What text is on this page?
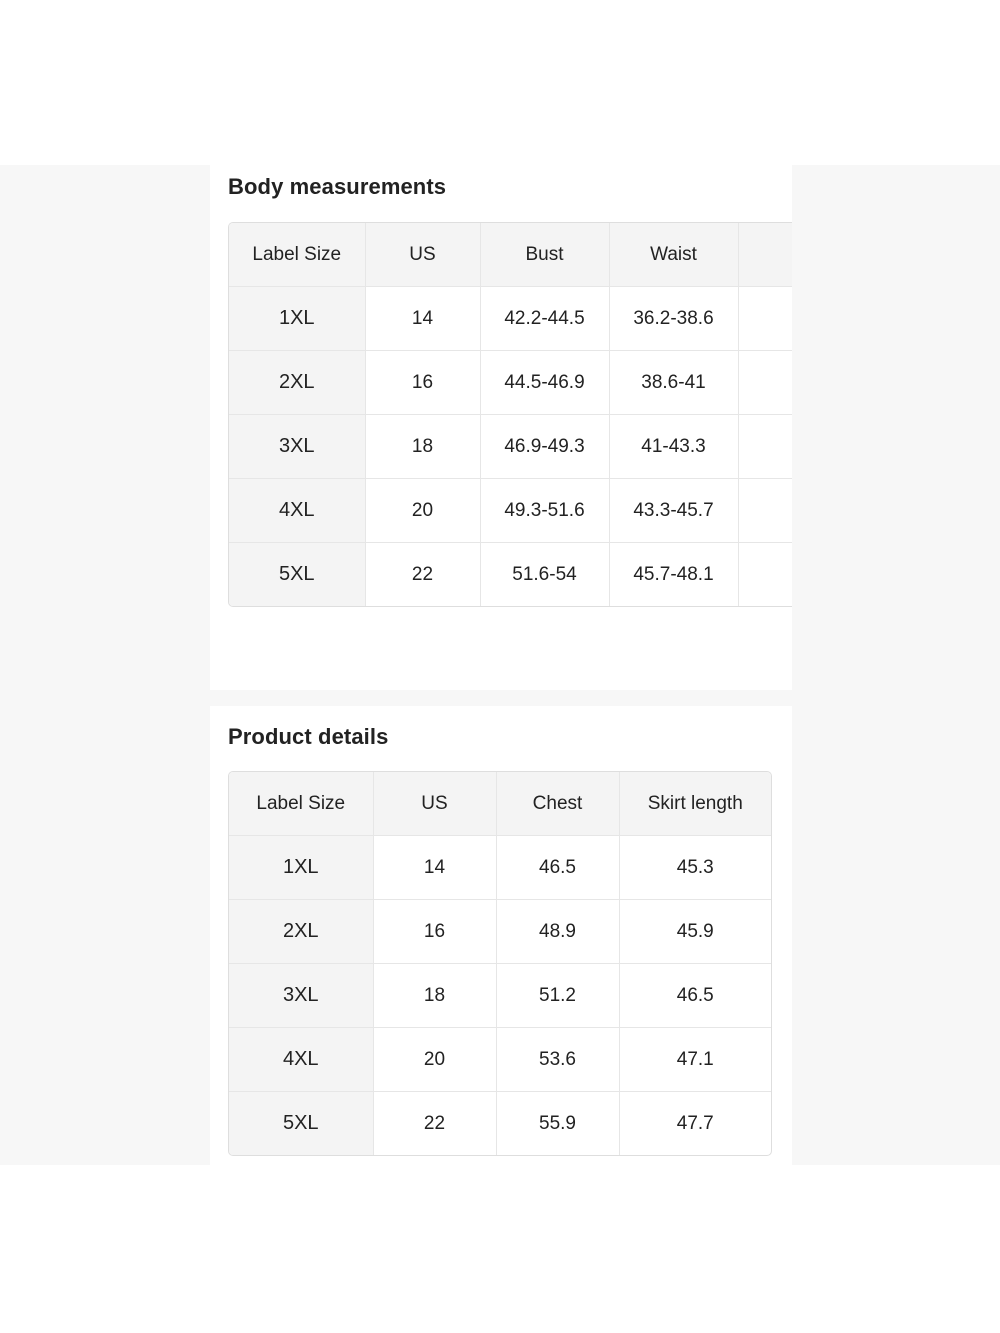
Body measurements
Label Size	US	Bust	Waist	
1XL	14	42.2-44.5	36.2-38.6	
2XL	16	44.5-46.9	38.6-41	
3XL	18	46.9-49.3	41-43.3	
4XL	20	49.3-51.6	43.3-45.7	
5XL	22	51.6-54	45.7-48.1	
Product details
Label Size	US	Chest	Skirt length
1XL	14	46.5	45.3
2XL	16	48.9	45.9
3XL	18	51.2	46.5
4XL	20	53.6	47.1
5XL	22	55.9	47.7
